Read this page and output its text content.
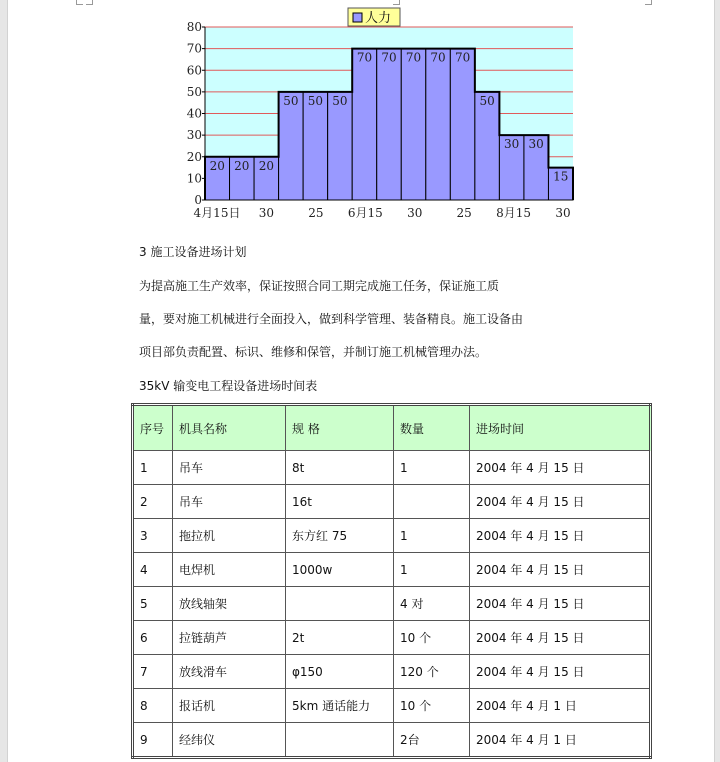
20 20 20
50 50 50
70 70 70 70 70
50
30 30
15
0
10
20
30
40
50
60
70
80
4月15日 30	25 6月15 30	25 8月15 30
人力
3 施工设备进场计划
为提高施工生产效率，保证按照合同工期完成施工任务，保证施工质
量，要对施工机械进行全面投入，做到科学管理、装备精良。施工设备由
项目部负责配置、标识、维修和保管，并制订施工机械管理办法。
35kV 输变电工程设备进场时间表
序号	机具名称	规 格	数量	进场时间
1	吊车	8t	1	2004 年 4 月 15 日
2	吊车	16t		2004 年 4 月 15 日
3	拖拉机	东方红 75	1	2004 年 4 月 15 日
4	电焊机	1000w	1	2004 年 4 月 15 日
5	放线轴架		4 对	2004 年 4 月 15 日
6	拉链葫芦	2t	10 个	2004 年 4 月 15 日
7	放线滑车	φ150	120 个	2004 年 4 月 15 日
8	报话机	5km 通话能力	10 个	2004 年 4 月 1 日
9	经纬仪		2台	2004 年 4 月 1 日
